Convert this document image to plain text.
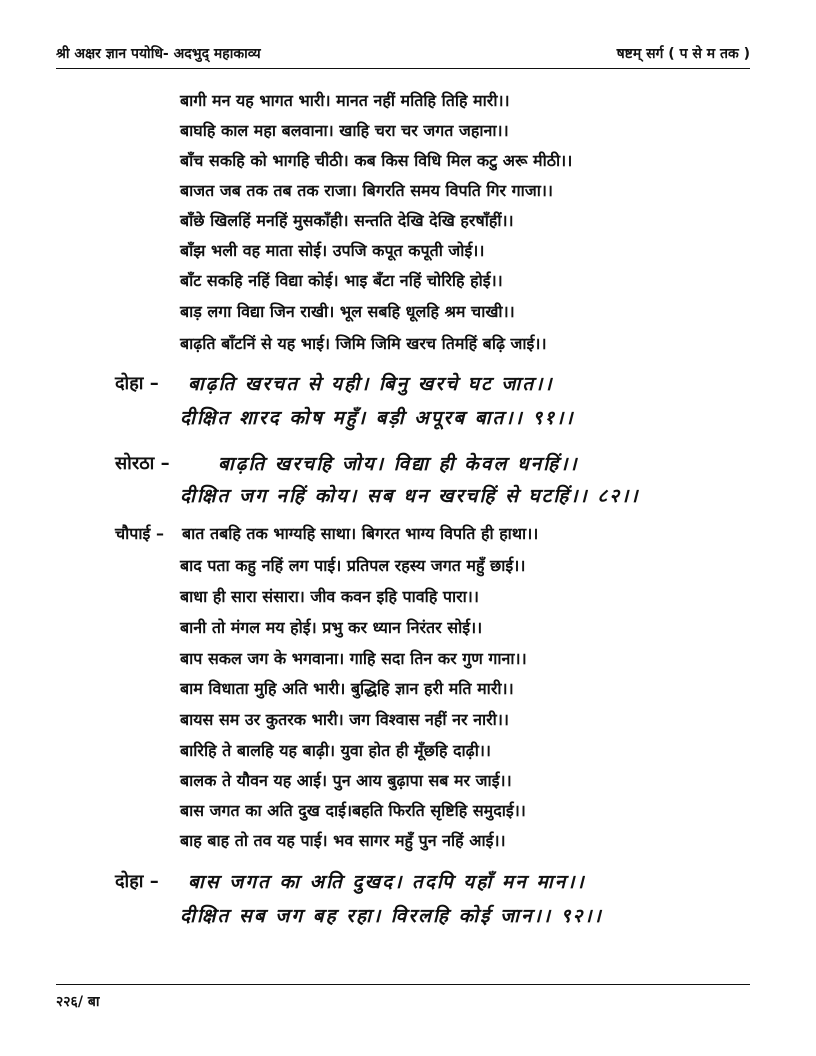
श्री अक्षर ज्ञान पयोधि- अदभुद् महाकाव्य	षष्टम् सर्ग ( प से म तक )
बागी मन यह भागत भारी। मानत नहीं मतिहि तिहि मारी।।
बाघहि काल महा बलवाना। खाहि चरा चर जगत जहाना।।
बाँच सकहि को भागहि चीठी। कब किस विधि मिल कटु अरू मीठी।।
बाजत जब तक तब तक राजा। बिगरति समय विपति गिर गाजा।।
बाँछे खिलहिं मनहिं मुसकाँही। सन्तति देखि देखि हरषाँहीं।।
बाँझ भली वह माता सोई। उपजि कपूत कपूती जोई।।
बाँट सकहि नहिं विद्या कोई। भाइ बँटा नहिं चोरिहि होई।।
बाड़ लगा विद्या जिन राखी। भूल सबहि धूलहि श्रम चाखी।।
बाढ़ति बाँटनिं से यह भाई। जिमि जिमि खरच तिमहिं बढ़ि जाई।।
दोहा – बाढ़ति खरचत से यही। बिनु खरचे घट जात।।
दीक्षित शारद कोष महुँ। बड़ी अपूरब बात।। ९१।।
सोरठा –	बाढ़ति खरचहि जोय। विद्या ही केवल धनहिं।।
दीक्षित जग नहिं कोय। सब धन खरचहिं से घटहिं।। ८२।।
चौपाई – बात तबहि तक भाग्यहि साथा। बिगरत भाग्य विपति ही हाथा।।
बाद पता कहु नहिं लग पाई। प्रतिपल रहस्य जगत महुँ छाई।।
बाधा ही सारा संसारा। जीव कवन इहि पावहि पारा।।
बानी तो मंगल मय होई। प्रभु कर ध्यान निरंतर सोई।।
बाप सकल जग के भगवाना। गाहि सदा तिन कर गुण गाना।।
बाम विधाता मुहि अति भारी। बुद्धिहि ज्ञान हरी मति मारी।।
बायस सम उर कुतरक भारी। जग विश्वास नहीं नर नारी।।
बारिहि ते बालहि यह बाढ़ी। युवा होत ही मूँछहि दाढ़ी।।
बालक ते यौवन यह आई। पुन आय बुढ़ापा सब मर जाई।।
बास जगत का अति दुख दाई।बहति फिरति सृष्टिहि समुदाई।।
बाह बाह तो तव यह पाई। भव सागर महुँ पुन नहिं आई।।
दोहा – बास जगत का अति दुखद। तदपि यहाँ मन मान।।
दीक्षित सब जग बह रहा। विरलहि कोई जान।। ९२।।
२२६/ बा
